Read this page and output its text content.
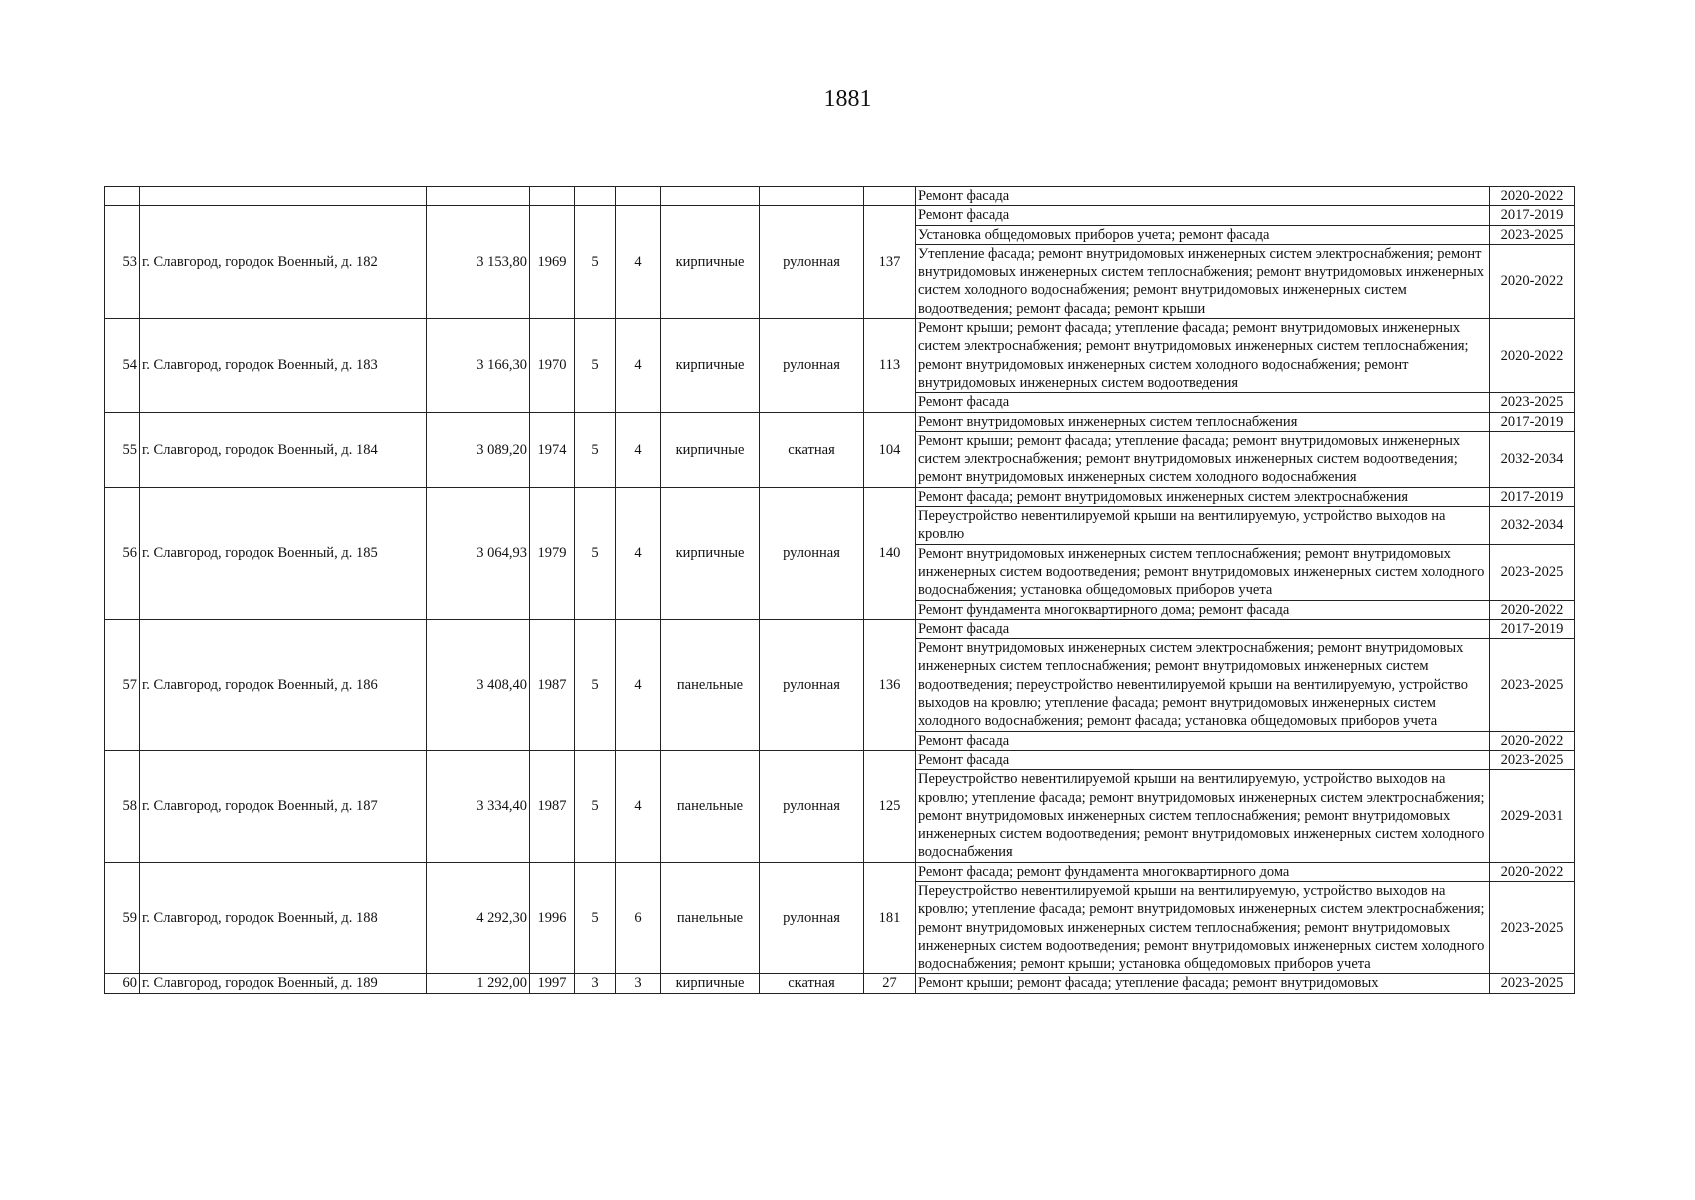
1881
									Ремонт фасада	2020-2022
53	г. Славгород, городок Военный, д. 182	3 153,80	1969	5	4	кирпичные	рулонная	137	Ремонт фасада	2017-2019
									Установка общедомовых приборов учета; ремонт фасада	2023-2025
									Утепление фасада; ремонт внутридомовых инженерных систем электроснабжения; ремонт внутридомовых инженерных систем теплоснабжения; ремонт внутридомовых инженерных систем холодного водоснабжения; ремонт внутридомовых инженерных систем водоотведения; ремонт фасада; ремонт крыши	2020-2022
54	г. Славгород, городок Военный, д. 183	3 166,30	1970	5	4	кирпичные	рулонная	113	Ремонт крыши; ремонт фасада; утепление фасада; ремонт внутридомовых инженерных систем электроснабжения; ремонт внутридомовых инженерных систем теплоснабжения; ремонт внутридомовых инженерных систем холодного водоснабжения; ремонт внутридомовых инженерных систем водоотведения	2020-2022
									Ремонт фасада	2023-2025
55	г. Славгород, городок Военный, д. 184	3 089,20	1974	5	4	кирпичные	скатная	104	Ремонт внутридомовых инженерных систем теплоснабжения	2017-2019
									Ремонт крыши; ремонт фасада; утепление фасада; ремонт внутридомовых инженерных систем электроснабжения; ремонт внутридомовых инженерных систем водоотведения; ремонт внутридомовых инженерных систем холодного водоснабжения	2032-2034
56	г. Славгород, городок Военный, д. 185	3 064,93	1979	5	4	кирпичные	рулонная	140	Ремонт фасада; ремонт внутридомовых инженерных систем электроснабжения	2017-2019
									Переустройство невентилируемой крыши на вентилируемую, устройство выходов на кровлю	2032-2034
									Ремонт внутридомовых инженерных систем теплоснабжения; ремонт внутридомовых инженерных систем водоотведения; ремонт внутридомовых инженерных систем холодного водоснабжения; установка общедомовых приборов учета	2023-2025
									Ремонт фундамента многоквартирного дома; ремонт фасада	2020-2022
57	г. Славгород, городок Военный, д. 186	3 408,40	1987	5	4	панельные	рулонная	136	Ремонт фасада	2017-2019
									Ремонт внутридомовых инженерных систем электроснабжения; ремонт внутридомовых инженерных систем теплоснабжения; ремонт внутридомовых инженерных систем водоотведения; переустройство невентилируемой крыши на вентилируемую, устройство выходов на кровлю; утепление фасада; ремонт внутридомовых инженерных систем холодного водоснабжения; ремонт фасада; установка общедомовых приборов учета	2023-2025
									Ремонт фасада	2020-2022
58	г. Славгород, городок Военный, д. 187	3 334,40	1987	5	4	панельные	рулонная	125	Ремонт фасада	2023-2025
									Переустройство невентилируемой крыши на вентилируемую, устройство выходов на кровлю; утепление фасада; ремонт внутридомовых инженерных систем электроснабжения; ремонт внутридомовых инженерных систем теплоснабжения; ремонт внутридомовых инженерных систем водоотведения; ремонт внутридомовых инженерных систем холодного водоснабжения	2029-2031
59	г. Славгород, городок Военный, д. 188	4 292,30	1996	5	6	панельные	рулонная	181	Ремонт фасада; ремонт фундамента многоквартирного дома	2020-2022
									Переустройство невентилируемой крыши на вентилируемую, устройство выходов на кровлю; утепление фасада; ремонт внутридомовых инженерных систем электроснабжения; ремонт внутридомовых инженерных систем теплоснабжения; ремонт внутридомовых инженерных систем водоотведения; ремонт внутридомовых инженерных систем холодного водоснабжения; ремонт крыши; установка общедомовых приборов учета	2023-2025
60	г. Славгород, городок Военный, д. 189	1 292,00	1997	3	3	кирпичные	скатная	27	Ремонт крыши; ремонт фасада; утепление фасада; ремонт внутридомовых	2023-2025
